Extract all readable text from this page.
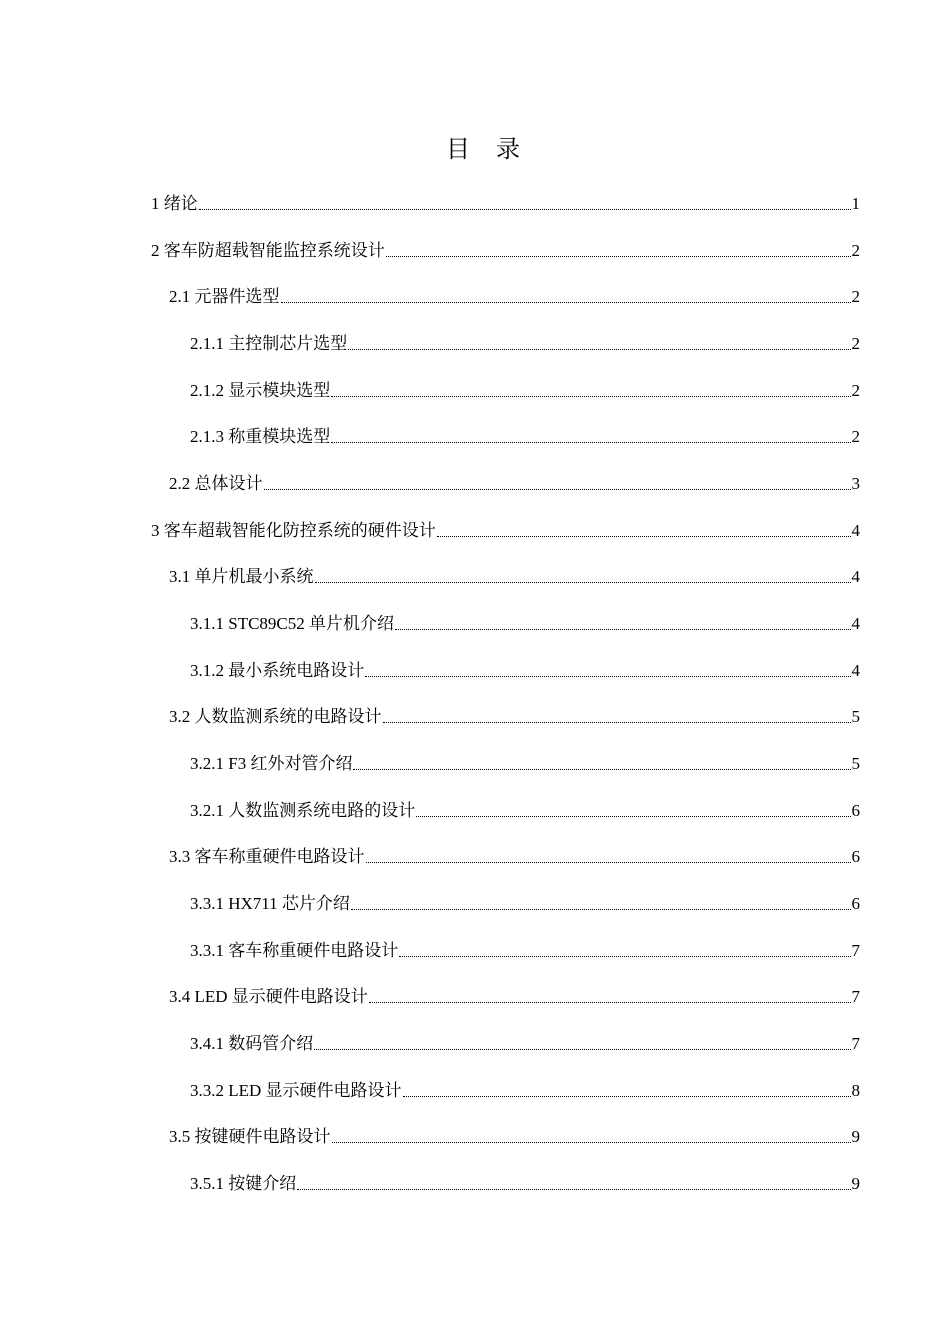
目 录
1 绪论	1
2 客车防超载智能监控系统设计	2
2.1 元器件选型	2
2.1.1 主控制芯片选型	2
2.1.2 显示模块选型	2
2.1.3 称重模块选型	2
2.2 总体设计	3
3 客车超载智能化防控系统的硬件设计	4
3.1 单片机最小系统	4
3.1.1 STC89C52 单片机介绍	4
3.1.2 最小系统电路设计	4
3.2 人数监测系统的电路设计	5
3.2.1 F3 红外对管介绍	5
3.2.1 人数监测系统电路的设计	6
3.3 客车称重硬件电路设计	6
3.3.1 HX711 芯片介绍	6
3.3.1 客车称重硬件电路设计	7
3.4 LED 显示硬件电路设计	7
3.4.1 数码管介绍	7
3.3.2 LED 显示硬件电路设计	8
3.5 按键硬件电路设计	9
3.5.1 按键介绍	9
